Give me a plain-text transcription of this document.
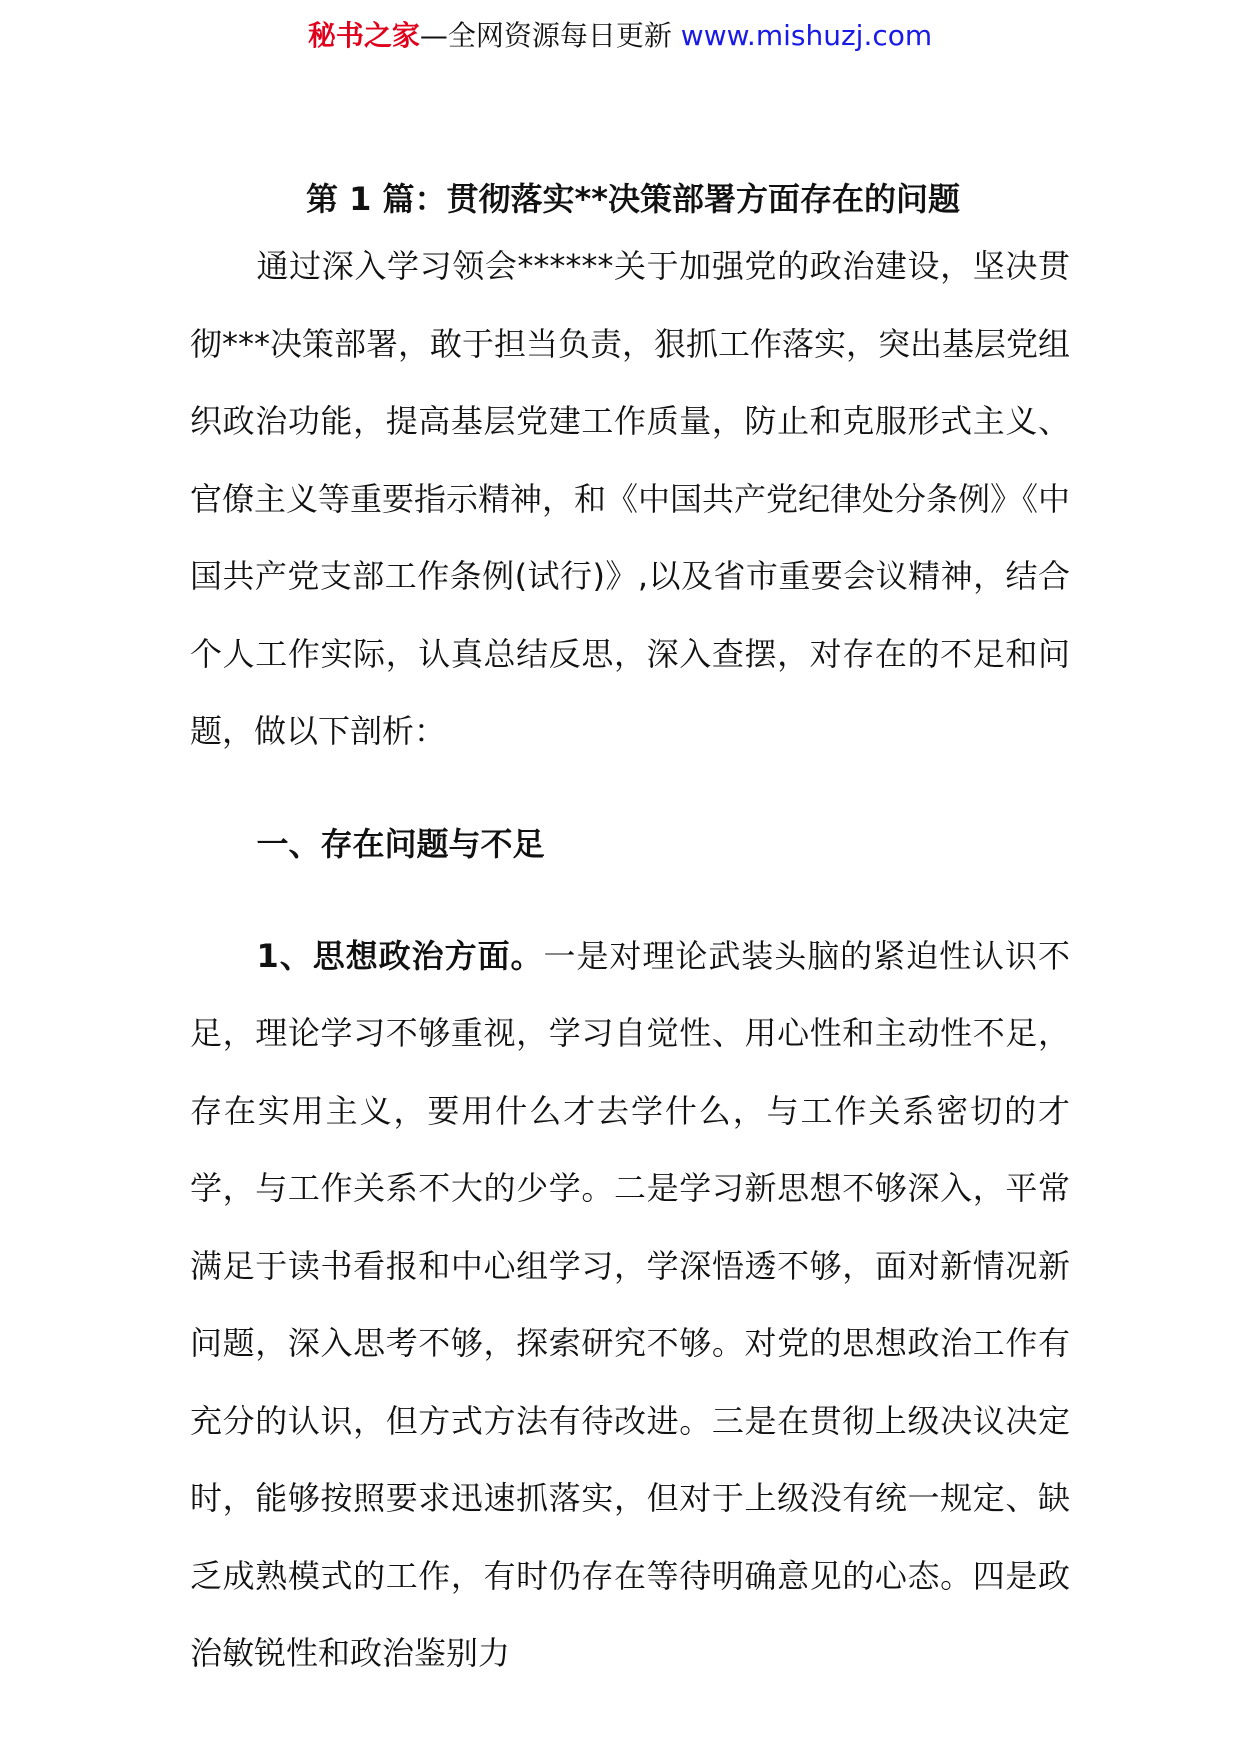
秘书之家—全网资源每日更新 www.mishuzj.com
第 1 篇：贯彻落实**决策部署方面存在的问题

通过深入学习领会******关于加强党的政治建设，坚决贯彻***决策部署，敢于担当负责，狠抓工作落实，突出基层党组织政治功能，提高基层党建工作质量，防止和克服形式主义、官僚主义等重要指示精神，和《中国共产党纪律处分条例》《中国共产党支部工作条例(试行)》,以及省市重要会议精神，结合个人工作实际，认真总结反思，深入查摆，对存在的不足和问题，做以下剖析：

一、存在问题与不足

1、思想政治方面。一是对理论武装头脑的紧迫性认识不足，理论学习不够重视，学习自觉性、用心性和主动性不足，存在实用主义，要用什么才去学什么，与工作关系密切的才学，与工作关系不大的少学。二是学习新思想不够深入，平常满足于读书看报和中心组学习，学深悟透不够，面对新情况新问题，深入思考不够，探索研究不够。对党的思想政治工作有充分的认识，但方式方法有待改进。三是在贯彻上级决议决定时，能够按照要求迅速抓落实，但对于上级没有统一规定、缺乏成熟模式的工作，有时仍存在等待明确意见的心态。四是政治敏锐性和政治鉴别力
